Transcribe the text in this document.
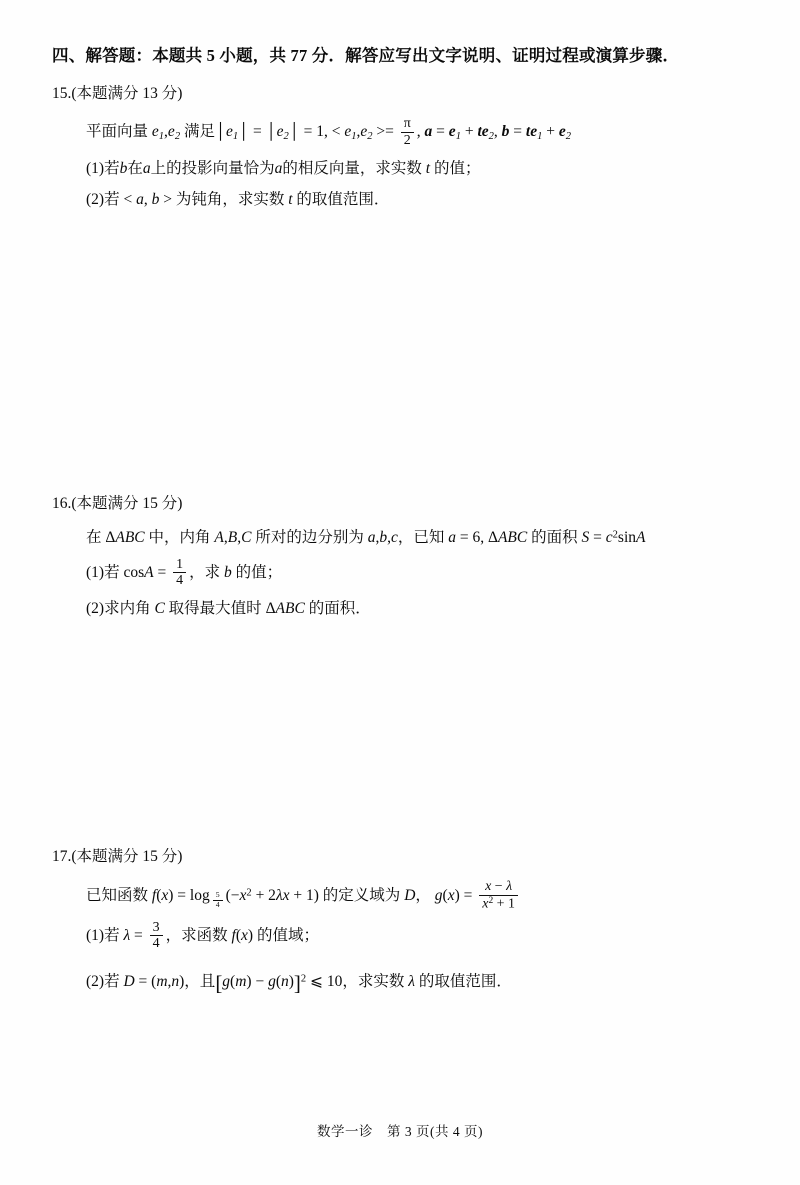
四、解答题：本题共 5 小题，共 77 分．解答应写出文字说明、证明过程或演算步骤．
15.(本题满分 13 分)
平面向量 $e_1,e_2$ 满足$│e_1│$ = $│e_2│ = 1$, < $e_1,e_2 >= \frac{\pi}{2}$ , $a = e_1 + te_2$, $b = te_1 + e_2$
(1)若b在a上的投影向量恰为a的相反向量，求实数 t 的值；
(2)若 < a, b > 为钝角，求实数 t 的取值范围．
16.(本题满分 15 分)
在 ΔABC 中，内角 A,B,C 所对的边分别为 a,b,c，已知 a = 6, ΔABC 的面积 $S = c^2\sin A$
(1)若 $\cos A = \frac{1}{4}$ ，求 b 的值；
(2)求内角 C 取得最大值时 ΔABC 的面积．
17.(本题满分 15 分)
已知函数 f(x) = log $_{\frac{5}{4}}$ $(-x^2 + 2\lambda x + 1)$ 的定义域为 D， $g(x) = \frac{x - \lambda}{x^2 + 1}$
(1)若 $\lambda = \frac{3}{4}$ ，求函数 f(x) 的值域；
(2)若 D = (m,n)，且$[g(m) - g(n)]^2$ ⩽ 10，求实数 λ 的取值范围．
数学一诊 第 3 页(共 4 页)
